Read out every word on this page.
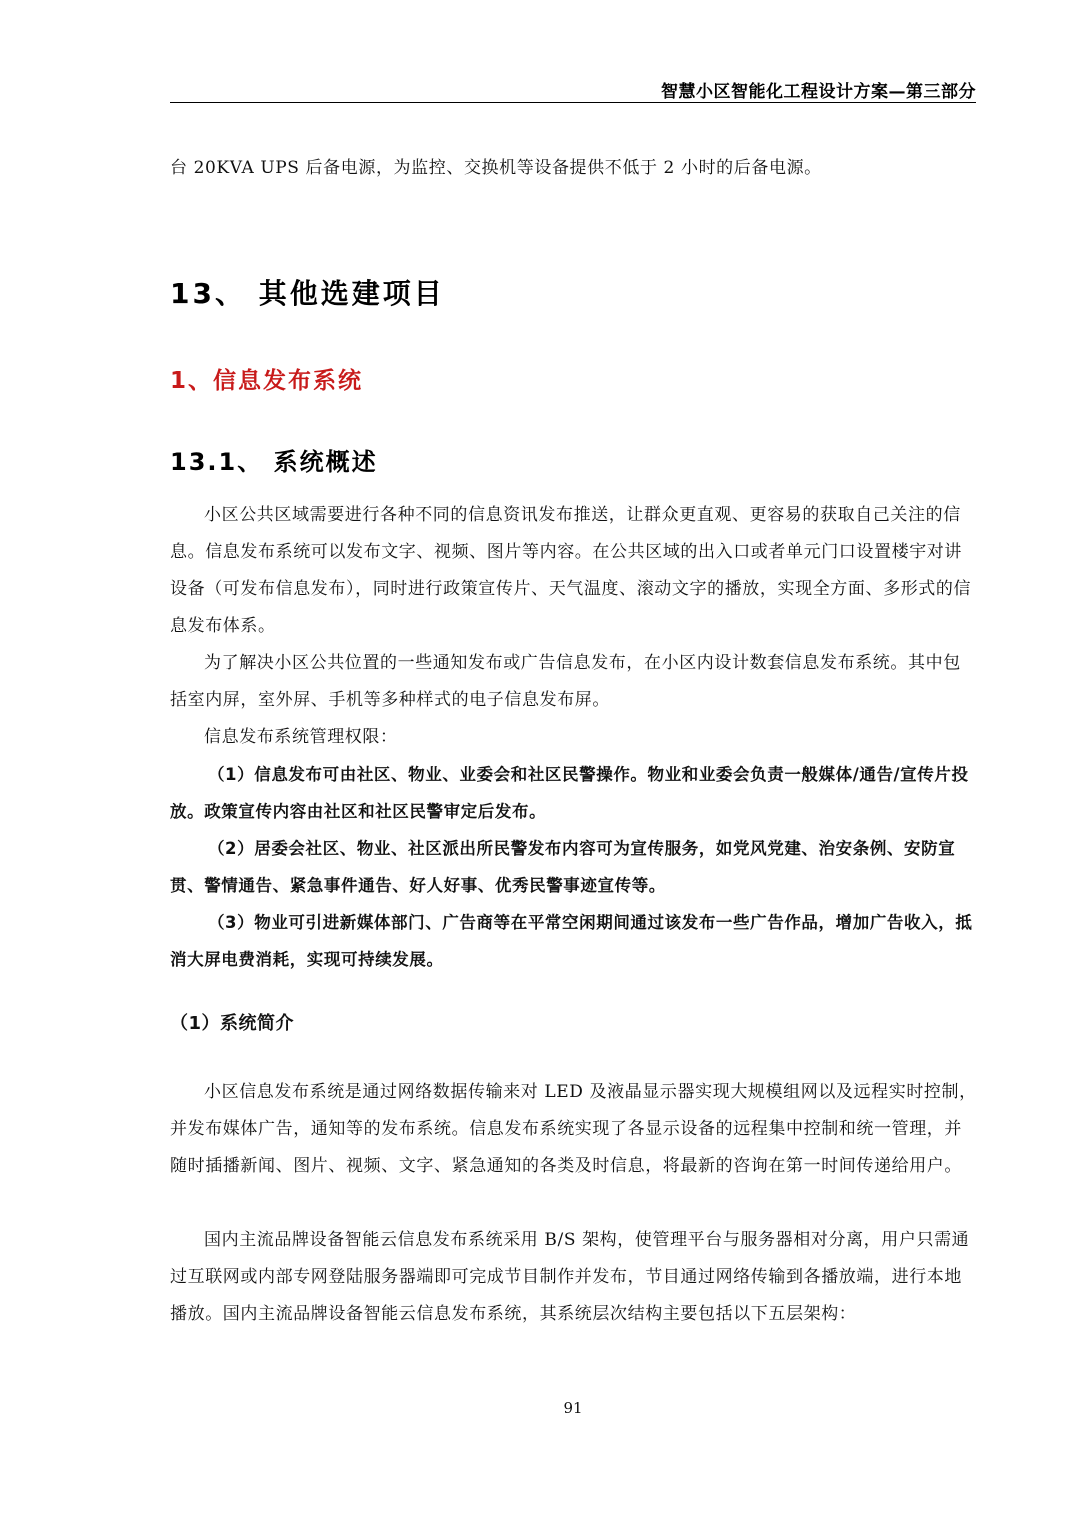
智慧小区智能化工程设计方案—第三部分

台 20KVA UPS 后备电源，为监控、交换机等设备提供不低于 2 小时的后备电源。

13、 其他选建项目
1、信息发布系统
13.1、 系统概述

小区公共区域需要进行各种不同的信息资讯发布推送，让群众更直观、更容易的获取自己关注的信息。信息发布系统可以发布文字、视频、图片等内容。在公共区域的出入口或者单元门口设置楼宇对讲设备（可发布信息发布），同时进行政策宣传片、天气温度、滚动文字的播放，实现全方面、多形式的信息发布体系。

为了解决小区公共位置的一些通知发布或广告信息发布，在小区内设计数套信息发布系统。其中包括室内屏，室外屏、手机等多种样式的电子信息发布屏。

信息发布系统管理权限：

（1）信息发布可由社区、物业、业委会和社区民警操作。物业和业委会负责一般媒体/通告/宣传片投放。政策宣传内容由社区和社区民警审定后发布。

（2）居委会社区、物业、社区派出所民警发布内容可为宣传服务，如党风党建、治安条例、安防宣贯、警情通告、紧急事件通告、好人好事、优秀民警事迹宣传等。

（3）物业可引进新媒体部门、广告商等在平常空闲期间通过该发布一些广告作品，增加广告收入，抵消大屏电费消耗，实现可持续发展。

（1）系统简介

小区信息发布系统是通过网络数据传输来对 LED 及液晶显示器实现大规模组网以及远程实时控制，并发布媒体广告，通知等的发布系统。信息发布系统实现了各显示设备的远程集中控制和统一管理，并随时插播新闻、图片、视频、文字、紧急通知的各类及时信息，将最新的咨询在第一时间传递给用户。

国内主流品牌设备智能云信息发布系统采用 B/S 架构，使管理平台与服务器相对分离，用户只需通过互联网或内部专网登陆服务器端即可完成节目制作并发布，节目通过网络传输到各播放端，进行本地播放。国内主流品牌设备智能云信息发布系统，其系统层次结构主要包括以下五层架构：

91
